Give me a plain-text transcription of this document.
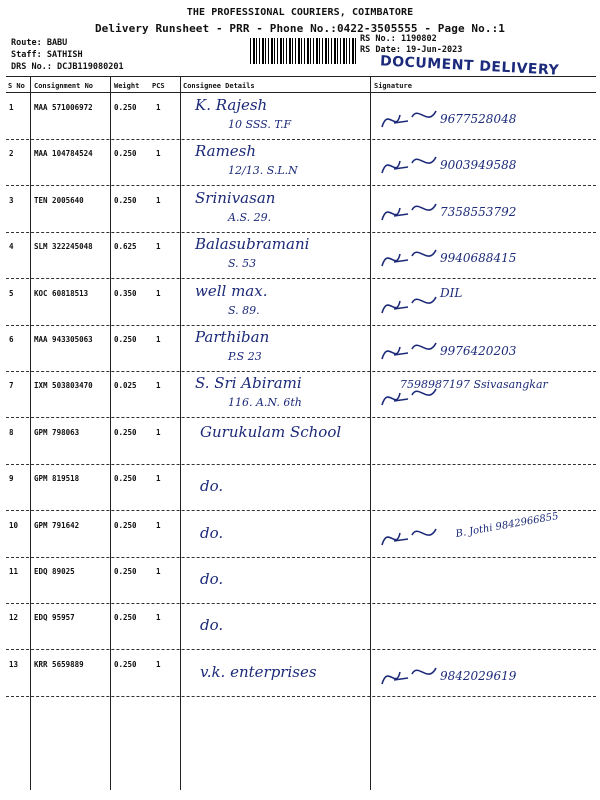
THE PROFESSIONAL COURIERS, COIMBATORE
Delivery Runsheet - PRR - Phone No.:0422-3505555 - Page No.:1
Route: BABU
Staff: SATHISH
DRS No.: DCJB119080201
RS No.: 1190802
RS Date: 19-Jun-2023
DOCUMENT DELIVERY
S No Consignment No	Weight PCS	Consignee Details	Signature
1	MAA 571006972	0.250	1 K. Rajesh
10 SSS. T.F	9677528048
2	MAA 104784524	0.250	1 Ramesh
12/13. S.L.N	9003949588
3	TEN 2005640	0.250	1 Srinivasan
A.S. 29.	7358553792
4	SLM 322245048	0.625	1 Balasubramani
S. 53	9940688415
5	KOC 60818513	0.350	1 well max.
S. 89.
DIL
6	MAA 943305063	0.250	1 Parthiban
P.S 23	9976420203
7	IXM 503803470	0.025	1 S. Sri Abirami
116. A.N. 6th
7598987197 Ssivasangkar
8	GPM 798063	0.250	1	Gurukulam School
9	GPM 819518	0.250	1	do.
10 GPM 791642	0.250	1	do.	B. Jothi 9842966855
11 EDQ 89025	0.250	1	do.
12 EDQ 95957	0.250	1	do.
13 KRR 5659889	0.250	1	v.k. enterprises	9842029619
